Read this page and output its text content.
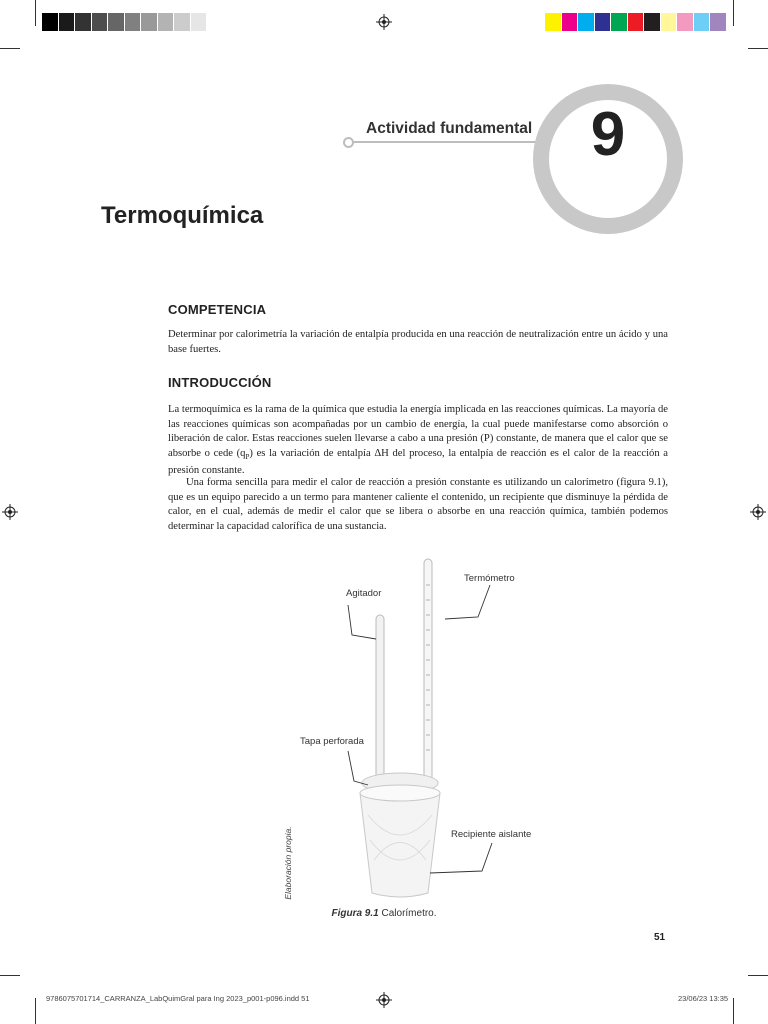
Actividad fundamental 9
Termoquímica
COMPETENCIA

Determinar por calorimetría la variación de entalpía producida en una reacción de neutralización entre un ácido y una base fuertes.

INTRODUCCIÓN

La termoquímica es la rama de la química que estudia la energía implicada en las reacciones químicas. La mayoría de las reacciones químicas son acompañadas por un cambio de energía, la cual puede manifestarse como absorción o liberación de calor. Estas reacciones suelen llevarse a cabo a una presión (P) constante, de manera que el calor que se absorbe o cede $(q_P)$ es la variación de entalpía ΔH del proceso, la entalpía de reacción es el calor de la reacción a presión constante.

Una forma sencilla para medir el calor de reacción a presión constante es utilizando un calorímetro (figura 9.1), que es un equipo parecido a un termo para mantener caliente el contenido, un recipiente que disminuye la pérdida de calor, en el cual, además de medir el calor que se libera o absorbe en una reacción química, también podemos determinar la capacidad calorífica de una sustancia.

Termómetro
Agitador
Tapa perforada
Recipiente aislante
Elaboración propia.
Figura 9.1 Calorímetro.
51
9786075701714_CARRANZA_LabQuimGral para Ing 2023_p001-p096.indd 51	23/06/23 13:35
